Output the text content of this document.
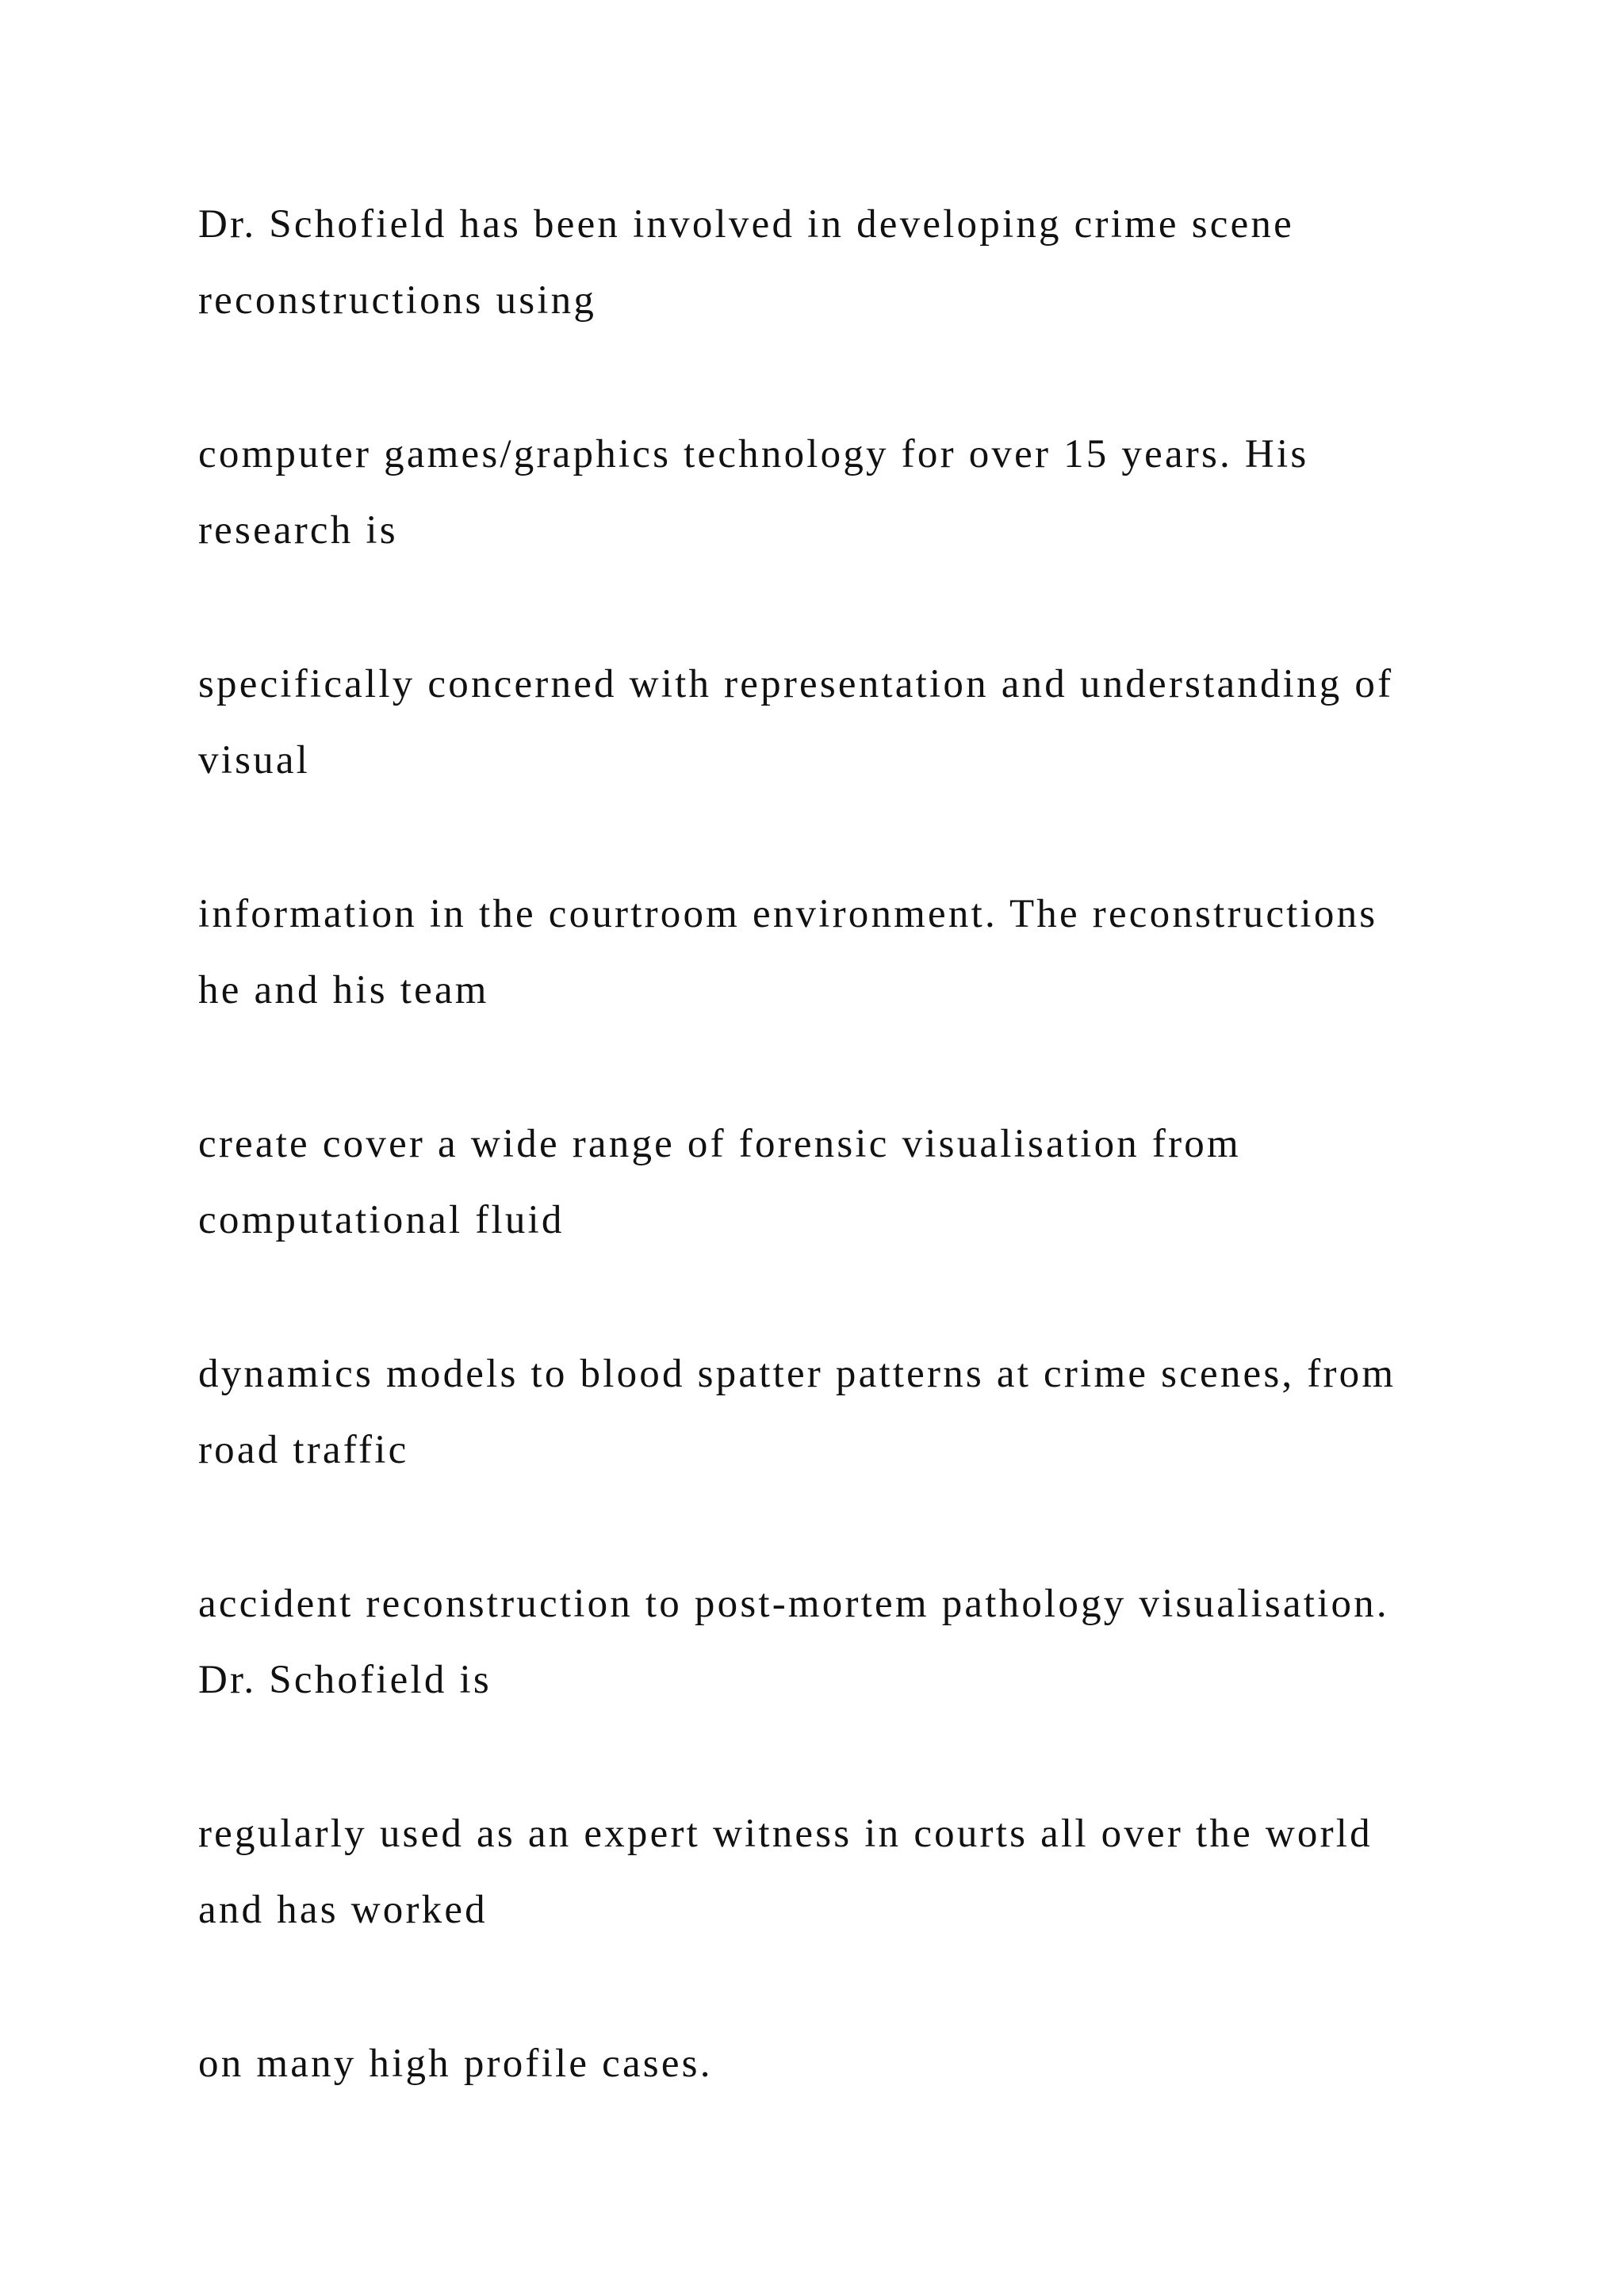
Dr. Schofield has been involved in developing crime scene
reconstructions using

computer games/graphics technology for over 15 years. His
research is

specifically concerned with representation and understanding of
visual

information in the courtroom environment. The reconstructions
he and his team

create cover a wide range of forensic visualisation from
computational fluid

dynamics models to blood spatter patterns at crime scenes, from
road traffic

accident reconstruction to post-mortem pathology visualisation.
Dr. Schofield is

regularly used as an expert witness in courts all over the world
and has worked

on many high profile cases.
